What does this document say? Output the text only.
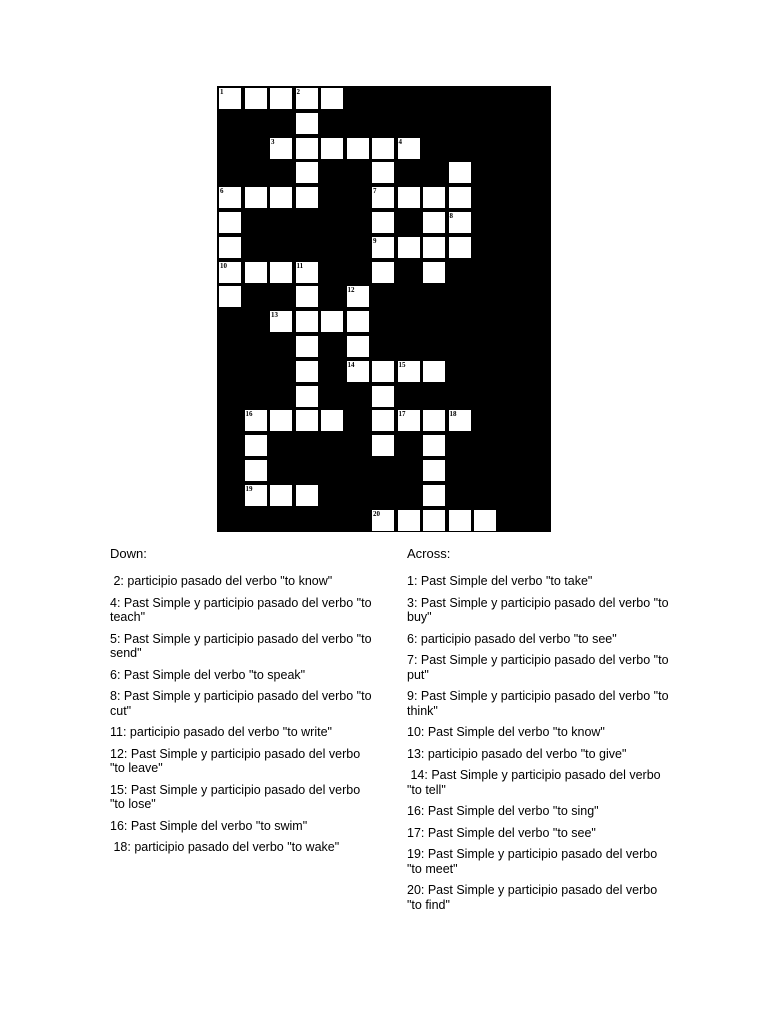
1	2
3	4
6	7
8
9
10	11
12
13
14	15
16	17	18
19
20
Down:
2: participio pasado del verbo "to know"
4: Past Simple y participio pasado del verbo "to teach"
5: Past Simple y participio pasado del verbo "to send"
6: Past Simple del verbo "to speak"
8: Past Simple y participio pasado del verbo "to cut"
11: participio pasado del verbo "to write"
12: Past Simple y participio pasado del verbo "to leave"
15: Past Simple y participio pasado del verbo "to lose"
16: Past Simple del verbo "to swim"
18: participio pasado del verbo "to wake"
Across:
1: Past Simple del verbo "to take"
3: Past Simple y participio pasado del verbo "to buy"
6: participio pasado del verbo "to see"
7: Past Simple y participio pasado del verbo "to put"
9: Past Simple y participio pasado del verbo "to think"
10: Past Simple del verbo "to know"
13: participio pasado del verbo "to give"
14: Past Simple y participio pasado del verbo "to tell"
16: Past Simple del verbo "to sing"
17: Past Simple del verbo "to see"
19: Past Simple y participio pasado del verbo "to meet"
20: Past Simple y participio pasado del verbo "to find"
